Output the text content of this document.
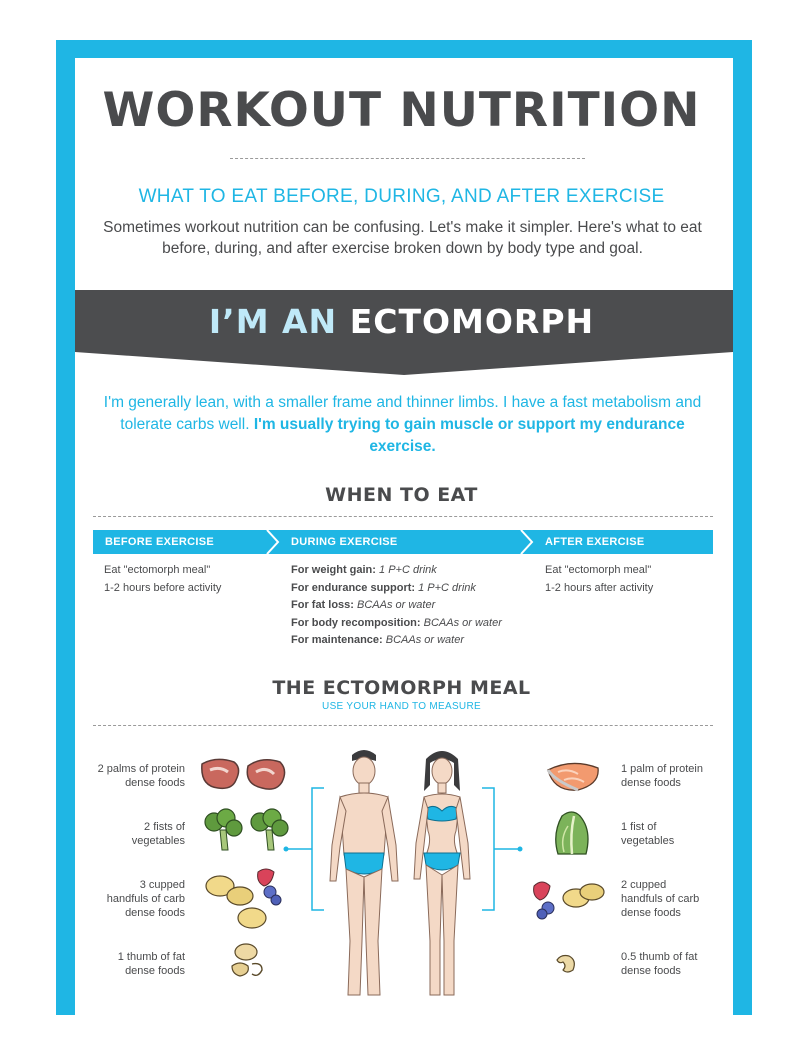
WORKOUT NUTRITION
WHAT TO EAT BEFORE, DURING, AND AFTER EXERCISE
Sometimes workout nutrition can be confusing. Let's make it simpler. Here's what to eat
before, during, and after exercise broken down by body type and goal.
I’M AN ECTOMORPH
I'm generally lean, with a smaller frame and thinner limbs. I have a fast metabolism and tolerate carbs well. I'm usually trying to gain muscle or support my endurance exercise.
WHEN TO EAT
BEFORE EXERCISE	DURING EXERCISE	AFTER EXERCISE
Eat "ectomorph meal"
1-2 hours before activity
For weight gain: 1 P+C drink
For endurance support: 1 P+C drink
For fat loss: BCAAs or water
For body recomposition: BCAAs or water
For maintenance: BCAAs or water
Eat "ectomorph meal"
1-2 hours after activity
THE ECTOMORPH MEAL
USE YOUR HAND TO MEASURE
2 palms of protein
dense foods
2 fists of
vegetables
3 cupped
handfuls of carb
dense foods
1 thumb of fat
dense foods
1 palm of protein
dense foods
1 fist of
vegetables
2 cupped
handfuls of carb
dense foods
0.5 thumb of fat
dense foods
